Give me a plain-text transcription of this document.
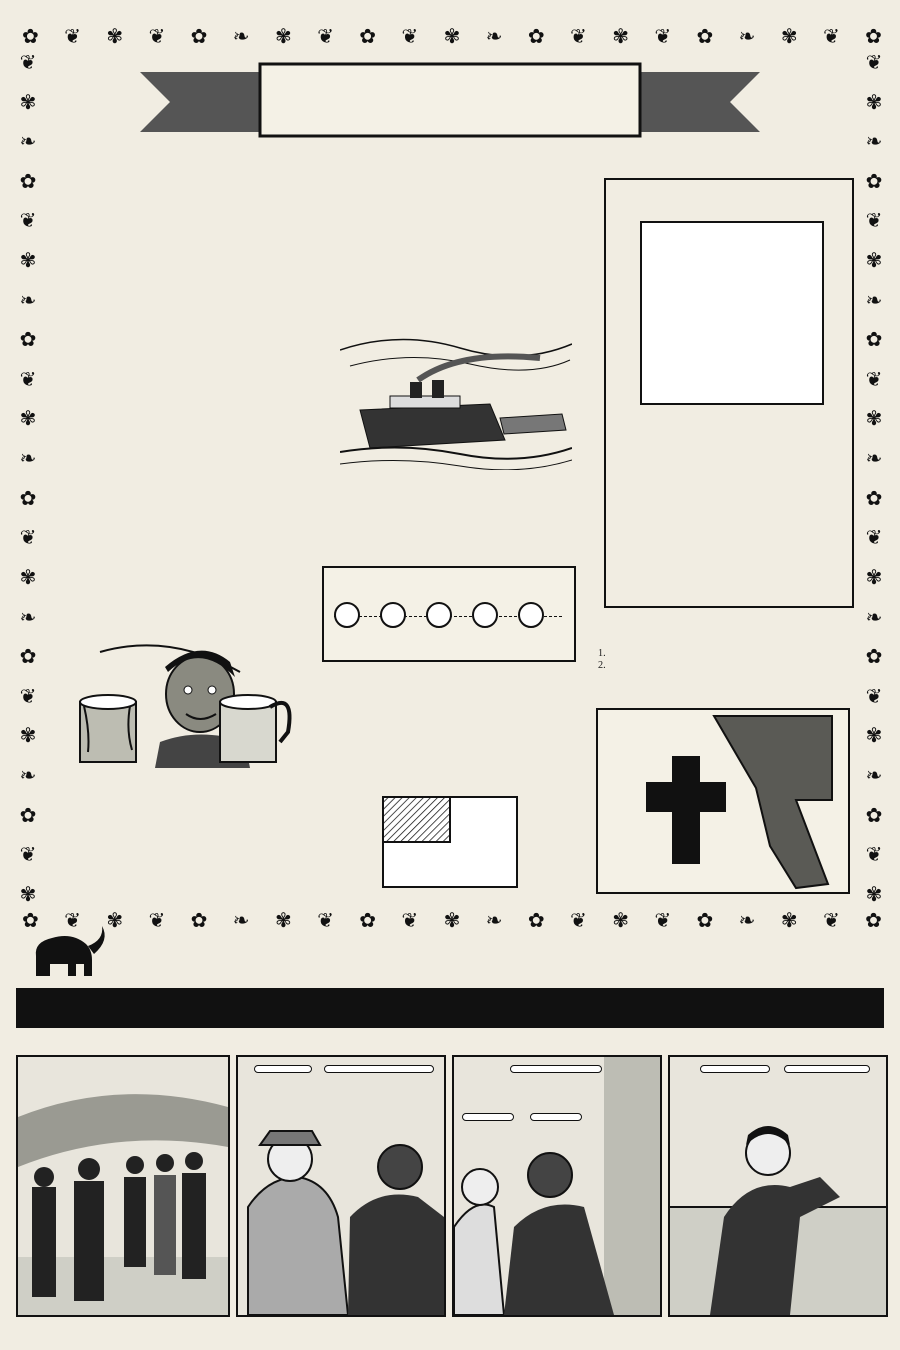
✿ ❦ ✾ ❦ ✿ ❧ ✾ ❦ ✿ ❦ ✾ ❧ ✿ ❦ ✾ ❦ ✿ ❧ ✾ ❦ ✿
✿ ❦ ✾ ❦ ✿ ❧ ✾ ❦ ✿ ❦ ✾ ❧ ✿ ❦ ✾ ❦ ✿ ❧ ✾ ❦ ✿
❦
✾
❧
✿
❦
✾
❧
✿
❦
✾
❧
✿
❦
✾
❧
✿
❦
✾
❧
✿
❦
✾
❦
✾
❧
✿
❦
✾
❧
✿
❦
✾
❧
✿
❦
✾
❧
✿
❦
✾
❧
✿
❦
✾

1.
2.
